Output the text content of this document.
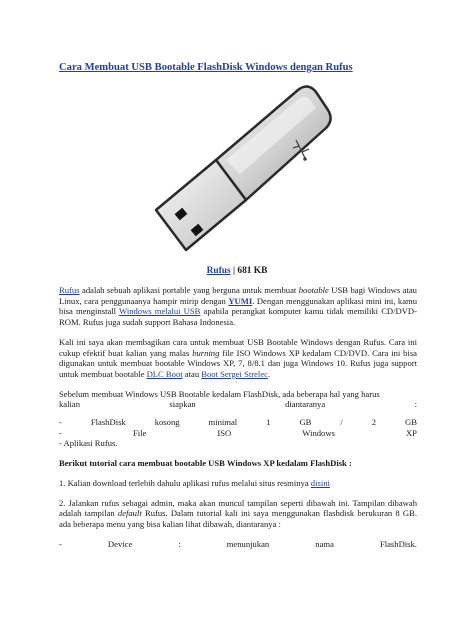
Cara Membuat USB Bootable FlashDisk Windows dengan Rufus
Rufus | 681 KB

Rufus adalah sebuah aplikasi portable yang berguna untuk membuat bootable USB bagi Windows atau Linux, cara penggunaanya hampir mirip dengan YUMI. Dengan menggunakan aplikasi mini ini, kamu bisa menginstall Windows melalui USB apabila perangkat komputer kamu tidak memiliki CD/DVD-ROM. Rufus juga sudah support Bahasa Indonesia.

Kali ini saya akan membagikan cara untuk membuat USB Bootable Windows dengan Rufus. Cara ini cukup efektif buat kalian yang malas burning file ISO Windows XP kedalam CD/DVD. Cara ini bisa digunakan untuk membuat bootable Windows XP, 7, 8/8.1 dan juga Windows 10. Rufus juga support untuk membuat bootable DLC Boot atau Boot Sergei Strelec.

Sebelum membuat Windows USB Bootable kedalam FlashDisk, ada beberapa hal yang harus
kalian	siapkan	diantaranya	:
-	FlashDisk	kosong	minimal	1	GB	/	2	GB
-	File	ISO	Windows	XP
- Aplikasi Rufus.

Berikut tutorial cara membuat bootable USB Windows XP kedalam FlashDisk :

1. Kalian download terlebih dahulu aplikasi rufus melalui situs resminya disini

2. Jalankan rufus sebagai admin, maka akan muncul tampilan seperti dibawah ini. Tampilan dibawah adalah tampilan default Rufus. Dalam tutorial kali ini saya menggunakan flashdisk berukuran 8 GB. ada beberapa menu yang bisa kalian lihat dibawah, diantaranya :

-	Device	:	menunjukan	nama	FlashDisk.
